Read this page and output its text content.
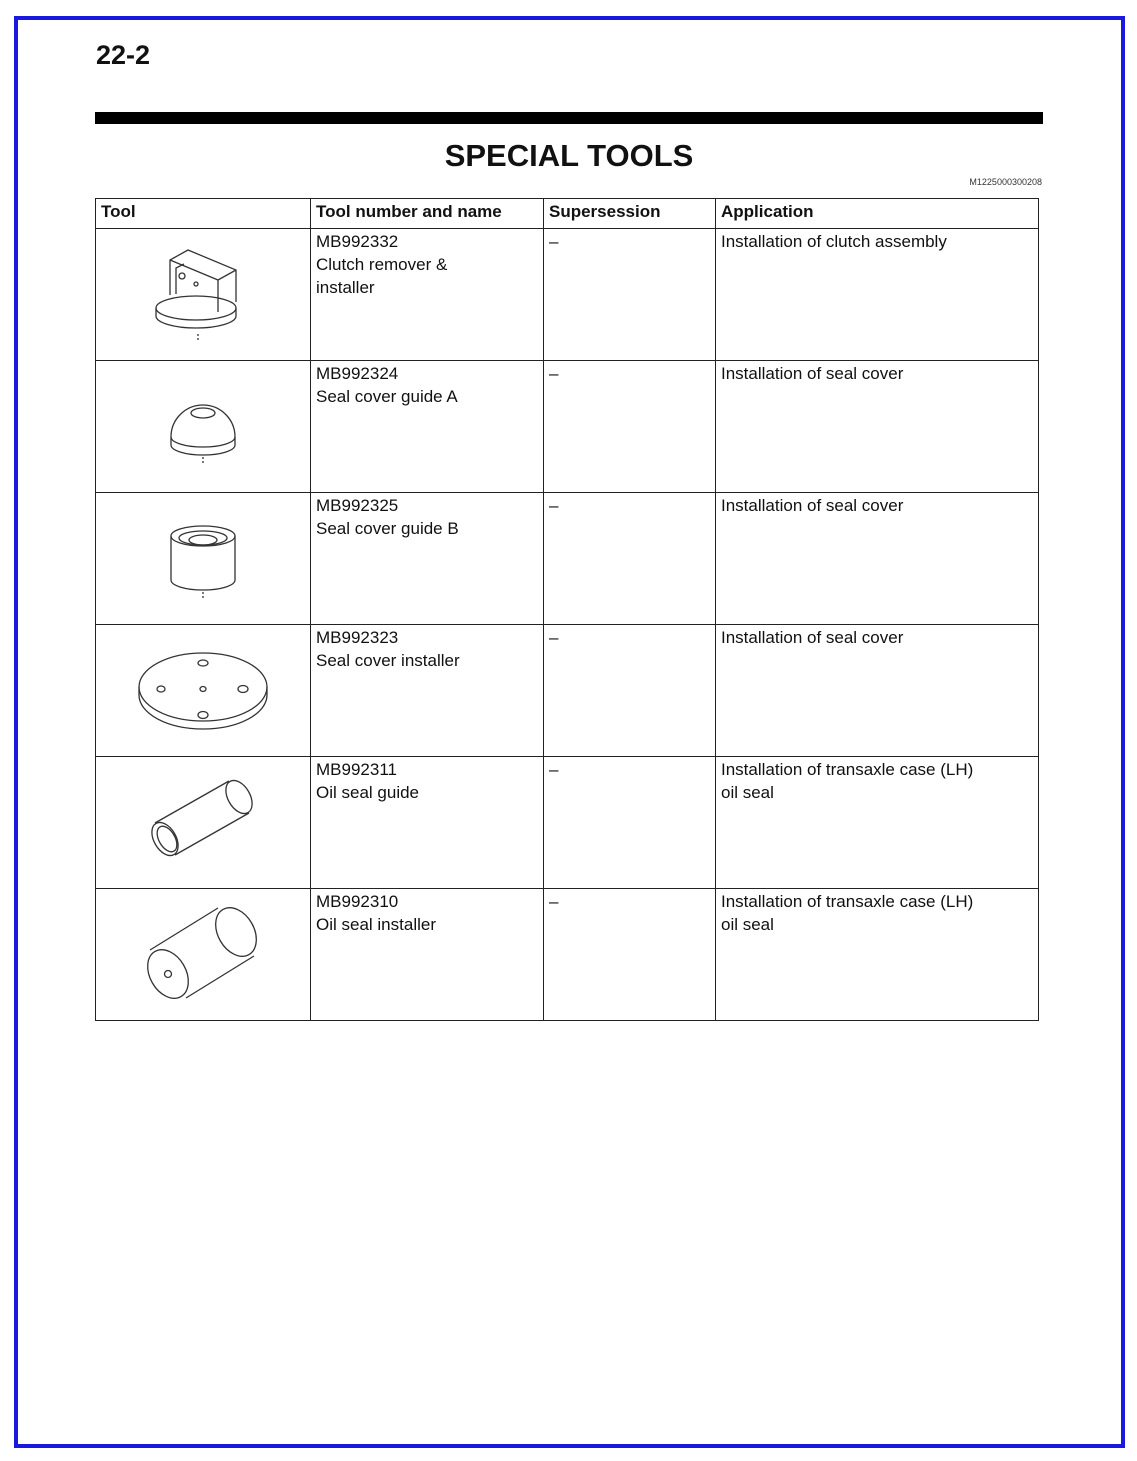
22-2
SPECIAL TOOLS
M1225000300208
Tool	Tool number and name	Supersession	Application

MB992332
Clutch remover &
installer	–	Installation of clutch assembly

MB992324
Seal cover guide A	–	Installation of seal cover

MB992325
Seal cover guide B	–	Installation of seal cover

MB992323
Seal cover installer	–	Installation of seal cover

MB992311
Oil seal guide	–	Installation of transaxle case (LH)
oil seal

MB992310
Oil seal installer	–	Installation of transaxle case (LH)
oil seal
